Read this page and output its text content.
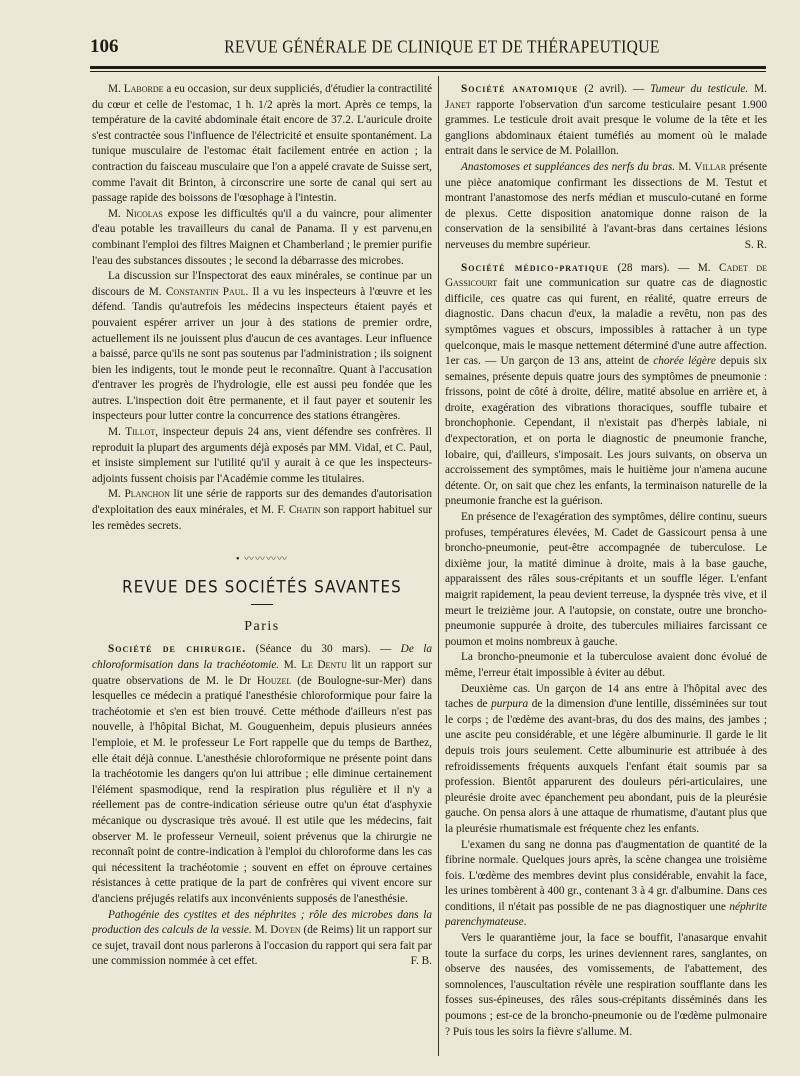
106	REVUE GÉNÉRALE DE CLINIQUE ET DE THÉRAPEUTIQUE

M. Laborde a eu occasion, sur deux suppliciés, d'étudier la contractilité du cœur et celle de l'estomac, 1 h. 1/2 après la mort. Après ce temps, la température de la cavité abdominale était encore de 37.2. L'auricule droite s'est contractée sous l'influence de l'électricité et ensuite spontanément. La tunique musculaire de l'estomac était facilement entrée en action ; la contraction du faisceau musculaire que l'on a appelé cravate de Suisse sert, comme l'avait dit Brinton, à circonscrire une sorte de canal qui sert au passage rapide des boissons de l'œsophage à l'intestin.

M. Nicolas expose les difficultés qu'il a du vaincre, pour alimenter d'eau potable les travailleurs du canal de Panama. Il y est parvenu,en combinant l'emploi des filtres Maignen et Chamberland ; le premier purifie l'eau des substances dissoutes ; le second la débarrasse des microbes.

La discussion sur l'Inspectorat des eaux minérales, se continue par un discours de M. Constantin Paul. Il a vu les inspecteurs à l'œuvre et les défend. Tandis qu'autrefois les médecins inspecteurs étaient payés et pouvaient espérer arriver un jour à des stations de premier ordre, actuellement ils ne jouissent plus d'aucun de ces avantages. Leur influence a baissé, parce qu'ils ne sont pas soutenus par l'administration ; ils soignent bien les indigents, tout le monde peut le reconnaître. Quant à l'accusation d'entraver les progrès de l'hydrologie, elle est aussi peu fondée que les autres. L'inspection doit être permanente, et il faut payer et soutenir les inspecteurs pour lutter contre la concurrence des stations étrangères.

M. Tillot, inspecteur depuis 24 ans, vient défendre ses confrères. Il reproduit la plupart des arguments déjà exposés par MM. Vidal, et C. Paul, et insiste simplement sur l'utilité qu'il y aurait à ce que les inspecteurs-adjoints fussent choisis par l'Académie comme les titulaires.

M. Planchon lit une série de rapports sur des demandes d'autorisation d'exploitation des eaux minérales, et M. F. Chatin son rapport habituel sur les remèdes secrets.

• 〰〰〰〰
REVUE DES SOCIÉTÉS SAVANTES
Paris

Société de chirurgie. (Séance du 30 mars). — De la chloroformisation dans la trachéotomie. M. Le Dentu lit un rapport sur quatre observations de M. le Dr Houzel (de Boulogne-sur-Mer) dans lesquelles ce médecin a pratiqué l'anesthésie chloroformique pour faire la trachéotomie et s'en est bien trouvé. Cette méthode d'ailleurs n'est pas nouvelle, à l'hôpital Bichat, M. Gouguenheim, depuis plusieurs années l'emploie, et M. le professeur Le Fort rappelle que du temps de Barthez, elle était déjà connue. L'anesthésie chloroformique ne présente point dans la trachéotomie les dangers qu'on lui attribue ; elle diminue certainement l'élément spasmodique, rend la respiration plus régulière et il n'y a réellement pas de contre-indication sérieuse outre qu'un état d'asphyxie mécanique ou dyscrasique très avoué. Il est utile que les médecins, fait observer M. le professeur Verneuil, soient prévenus que la chirurgie ne reconnaît point de contre-indication à l'emploi du chloroforme dans les cas qui nécessitent la trachéotomie ; souvent en effet on éprouve certaines résistances à cette pratique de la part de confrères qui vivent encore sur d'anciens préjugés relatifs aux inconvénients supposés de l'anesthésie.

Pathogénie des cystites et des néphrites ; rôle des microbes dans la production des calculs de la vessie. M. Doyen (de Reims) lit un rapport sur ce sujet, travail dont nous parlerons à l'occasion du rapport qui sera fait par une commission nommée à cet effet.	F. B.

Société anatomique (2 avril). — Tumeur du testicule. M. Janet rapporte l'observation d'un sarcome testiculaire pesant 1.900 grammes. Le testicule droit avait presque le volume de la tête et les ganglions abdominaux étaient tuméfiés au moment où le malade entrait dans le service de M. Polaillon.

Anastomoses et suppléances des nerfs du bras. M. Villar présente une pièce anatomique confirmant les dissections de M. Testut et montrant l'anastomose des nerfs médian et musculo-cutané en forme de plexus. Cette disposition anatomique donne raison de la conservation de la sensibilité à l'avant-bras dans certaines lésions nerveuses du membre supérieur.	S. R.

Société médico-pratique (28 mars). — M. Cadet de Gassicourt fait une communication sur quatre cas de diagnostic difficile, ces quatre cas qui furent, en réalité, quatre erreurs de diagnostic. Dans chacun d'eux, la maladie a revêtu, non pas des symptômes vagues et obscurs, impossibles à rattacher à un type quelconque, mais le masque nettement déterminé d'une autre affection. 1er cas. — Un garçon de 13 ans, atteint de chorée légère depuis six semaines, présente depuis quatre jours des symptômes de pneumonie : frissons, point de côté à droite, délire, matité absolue en arrière et, à droite, exagération des vibrations thoraciques, souffle tubaire et bronchophonie. Cependant, il n'existait pas d'herpès labiale, ni d'expectoration, et on porta le diagnostic de pneumonie franche, lobaire, qui, d'ailleurs, s'imposait. Les jours suivants, on observa un accroissement des symptômes, mais le huitième jour n'amena aucune détente. Or, on sait que chez les enfants, la terminaison naturelle de la pneumonie franche est la guérison.

En présence de l'exagération des symptômes, délire continu, sueurs profuses, températures élevées, M. Cadet de Gassicourt pensa à une broncho-pneumonie, peut-être accompagnée de tuberculose. Le dixième jour, la matité diminue à droite, mais à la base gauche, apparaissent des râles sous-crépitants et un souffle léger. L'enfant maigrit rapidement, la peau devient terreuse, la dyspnée très vive, et il meurt le treizième jour. A l'autopsie, on constate, outre une broncho-pneumonie suppurée à droite, des tubercules miliaires farcissant ce poumon et moins nombreux à gauche.

La broncho-pneumonie et la tuberculose avaient donc évolué de même, l'erreur était impossible à éviter au début.

Deuxième cas. Un garçon de 14 ans entre à l'hôpital avec des taches de purpura de la dimension d'une lentille, disséminées sur tout le corps ; de l'œdème des avant-bras, du dos des mains, des jambes ; une ascite peu considérable, et une légère albuminurie. Il garde le lit depuis trois jours seulement. Cette albuminurie est attribuée à des refroidissements fréquents auxquels l'enfant était soumis par sa profession. Bientôt apparurent des douleurs péri-articulaires, une pleurésie droite avec épanchement peu abondant, puis de la pleurésie gauche. On pensa alors à une attaque de rhumatisme, d'autant plus que la pleurésie rhumatismale est fréquente chez les enfants.

L'examen du sang ne donna pas d'augmentation de quantité de la fibrine normale. Quelques jours après, la scène changea une troisième fois. L'œdème des membres devint plus considérable, envahit la face, les urines tombèrent à 400 gr., contenant 3 à 4 gr. d'albumine. Dans ces conditions, il n'était pas possible de ne pas diagnostiquer une néphrite parenchymateuse.

Vers le quarantième jour, la face se bouffit, l'anasarque envahit toute la surface du corps, les urines deviennent rares, sanglantes, on observe des nausées, des vomissements, de l'abattement, des somnolences, l'auscultation révèle une respiration soufflante dans les fosses sus-épineuses, des râles sous-crépitants disséminés dans les poumons ; est-ce de la broncho-pneumonie ou de l'œdème pulmonaire ? Puis tous les soirs la fièvre s'allume. M.
